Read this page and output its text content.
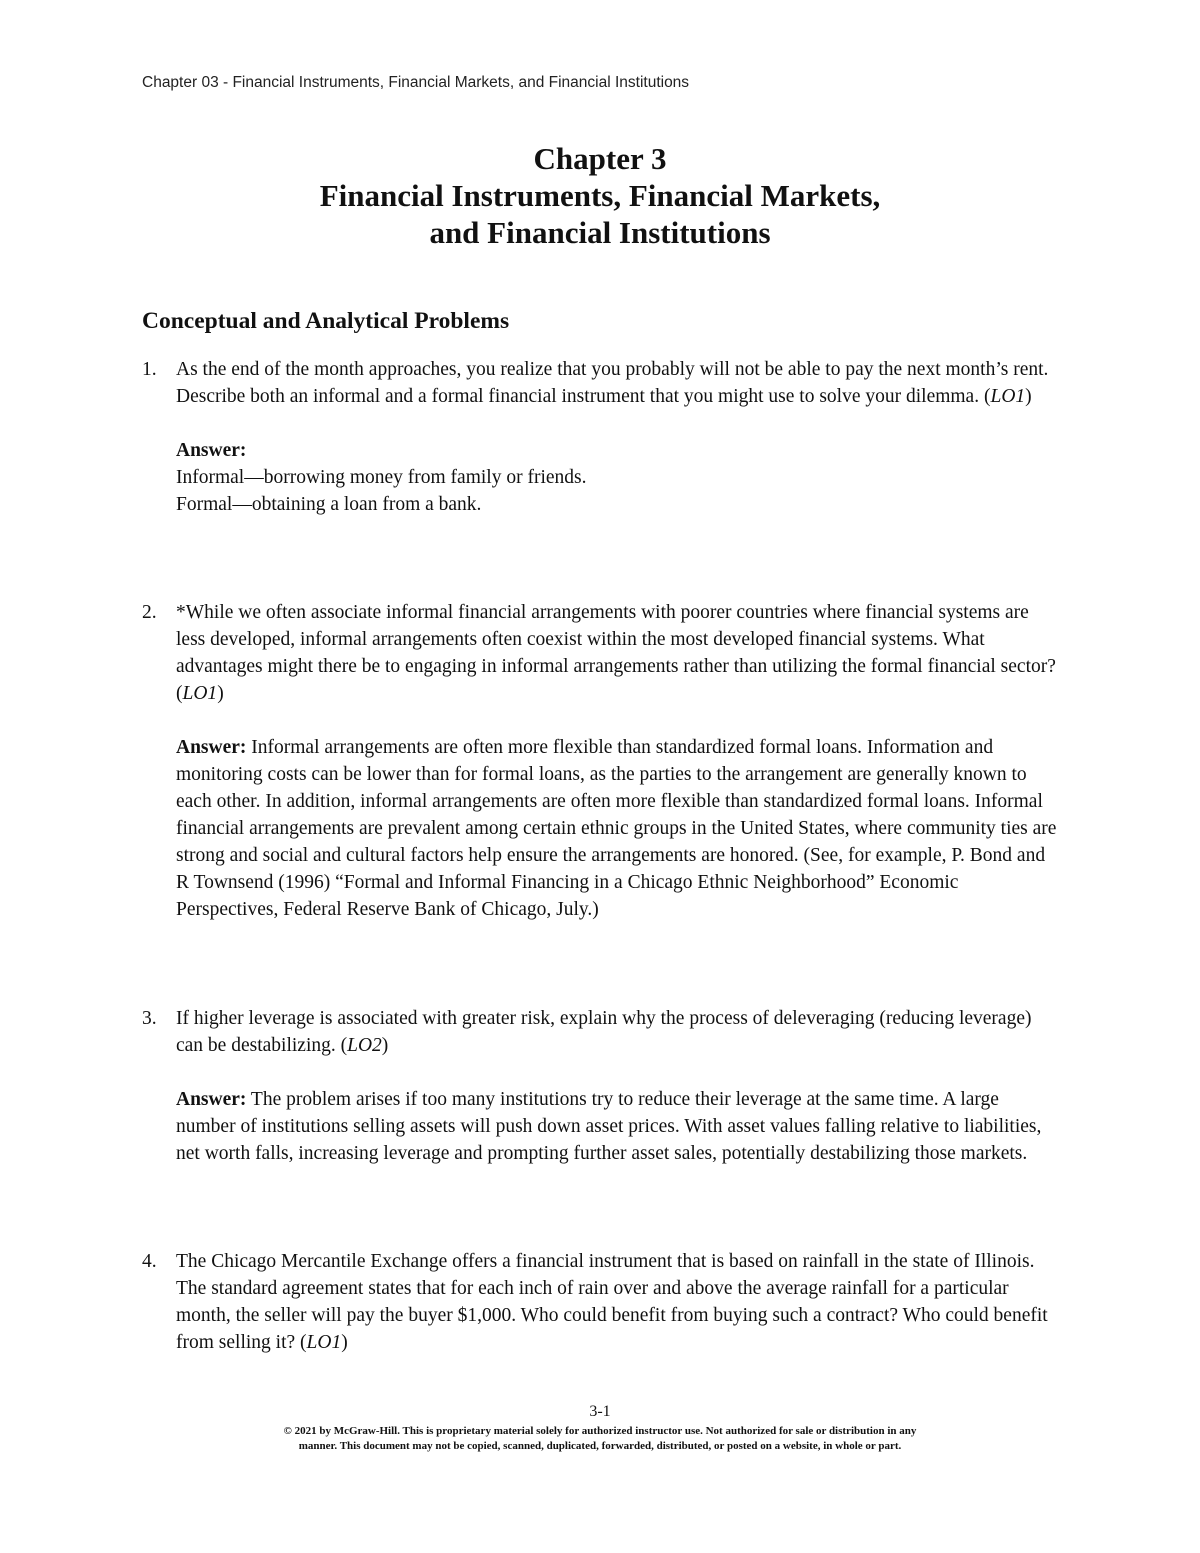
Chapter 03 - Financial Instruments, Financial Markets, and Financial Institutions
Chapter 3
Financial Instruments, Financial Markets,
and Financial Institutions
Conceptual and Analytical Problems
1. As the end of the month approaches, you realize that you probably will not be able to pay the next month’s rent. Describe both an informal and a formal financial instrument that you might use to solve your dilemma. (LO1)

Answer:
Informal—borrowing money from family or friends.
Formal—obtaining a loan from a bank.
2. *While we often associate informal financial arrangements with poorer countries where financial systems are less developed, informal arrangements often coexist within the most developed financial systems. What advantages might there be to engaging in informal arrangements rather than utilizing the formal financial sector? (LO1)

Answer: Informal arrangements are often more flexible than standardized formal loans. Information and monitoring costs can be lower than for formal loans, as the parties to the arrangement are generally known to each other. In addition, informal arrangements are often more flexible than standardized formal loans. Informal financial arrangements are prevalent among certain ethnic groups in the United States, where community ties are strong and social and cultural factors help ensure the arrangements are honored. (See, for example, P. Bond and R Townsend (1996) “Formal and Informal Financing in a Chicago Ethnic Neighborhood” Economic Perspectives, Federal Reserve Bank of Chicago, July.)

3. If higher leverage is associated with greater risk, explain why the process of deleveraging (reducing leverage) can be destabilizing. (LO2)

Answer: The problem arises if too many institutions try to reduce their leverage at the same time. A large number of institutions selling assets will push down asset prices. With asset values falling relative to liabilities, net worth falls, increasing leverage and prompting further asset sales, potentially destabilizing those markets.

4. The Chicago Mercantile Exchange offers a financial instrument that is based on rainfall in the state of Illinois. The standard agreement states that for each inch of rain over and above the average rainfall for a particular month, the seller will pay the buyer $1,000. Who could benefit from buying such a contract? Who could benefit from selling it? (LO1)

3-1
© 2021 by McGraw-Hill. This is proprietary material solely for authorized instructor use. Not authorized for sale or distribution in any
manner. This document may not be copied, scanned, duplicated, forwarded, distributed, or posted on a website, in whole or part.
